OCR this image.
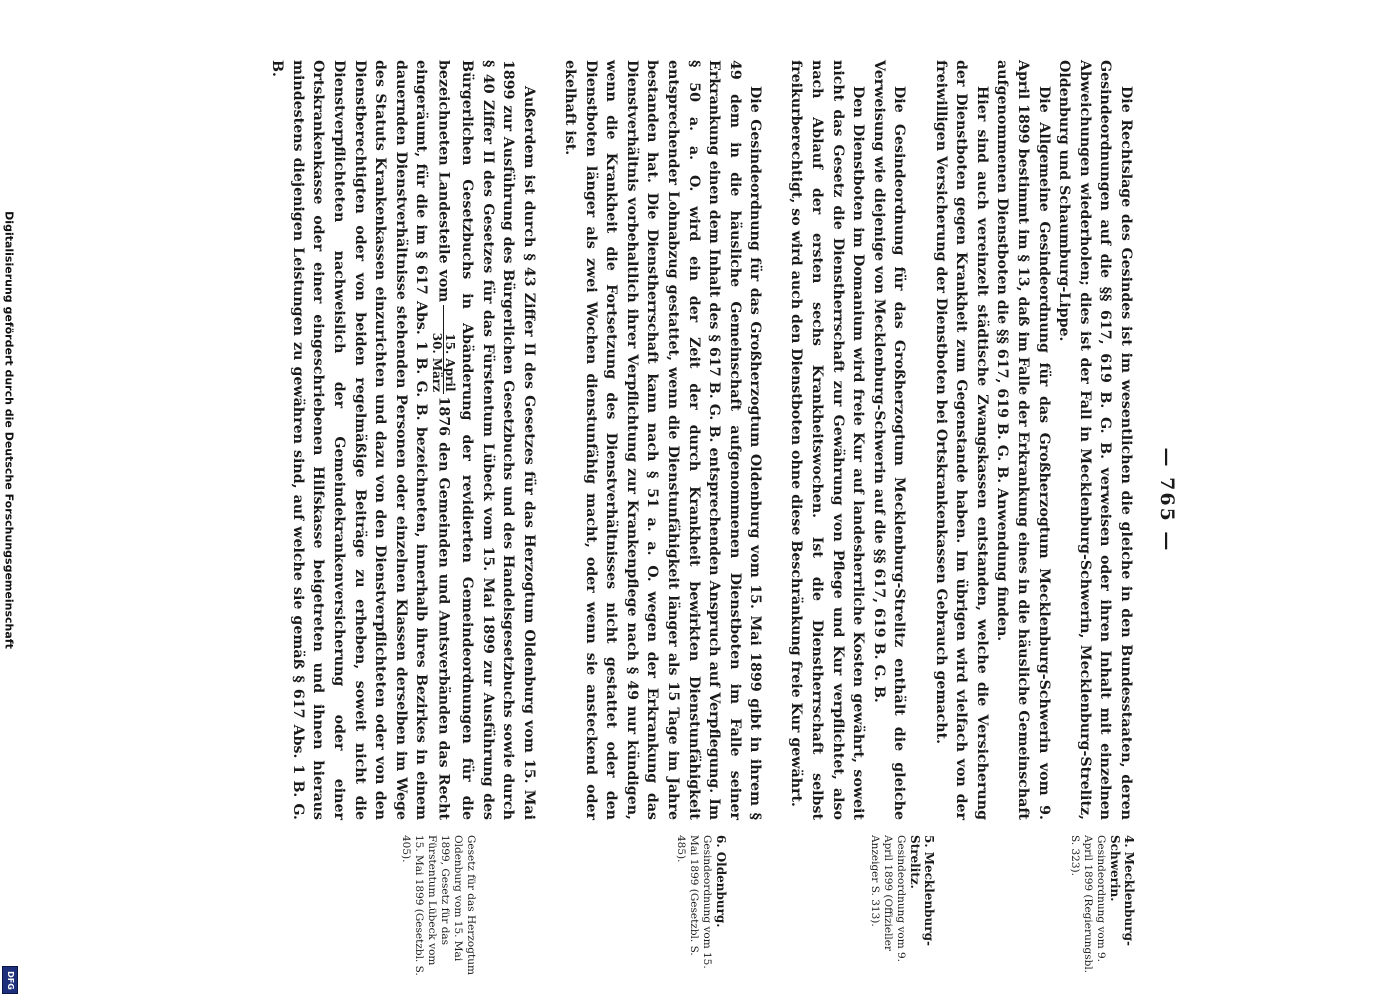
Digitalisierung gefördert durch die Deutsche Forschungsgemeinschaft
DFG
— 765 —

Die Rechtslage des Gesindes ist im wesentlichen die gleiche in den Bundesstaaten, deren Gesindeordnungen auf die §§ 617, 619 B. G. B. verweisen oder ihren Inhalt mit einzelnen Abweichungen wiederholen; dies ist der Fall in Mecklenburg-Schwerin, Mecklenburg-Strelitz, Oldenburg und Schaumburg-Lippe.

Die Allgemeine Gesindeordnung für das Großherzogtum Mecklenburg-Schwerin vom 9. April 1899 bestimmt im § 13, daß im Falle der Erkrankung eines in die häusliche Gemeinschaft aufgenommenen Dienstboten die §§ 617, 619 B. G. B. Anwendung finden.

Hier sind auch vereinzelt städtische Zwangskassen entstanden, welche die Versicherung der Dienstboten gegen Krankheit zum Gegenstande haben. Im übrigen wird vielfach von der freiwilligen Versicherung der Dienstboten bei Ortskrankenkassen Gebrauch gemacht.

Die Gesindeordnung für das Großherzogtum Mecklenburg-Strelitz enthält die gleiche Verweisung wie diejenige von Mecklenburg-Schwerin auf die §§ 617, 619 B. G. B.

Den Dienstboten im Domanium wird freie Kur auf landesherrliche Kosten gewährt, soweit nicht das Gesetz die Dienstherrschaft zur Gewährung von Pflege und Kur verpflichtet, also nach Ablauf der ersten sechs Krankheitswochen. Ist die Dienstherrschaft selbst freikurberechtigt, so wird auch den Dienstboten ohne diese Beschränkung freie Kur gewährt.

Die Gesindeordnung für das Großherzogtum Oldenburg vom 15. Mai 1899 gibt in ihrem § 49 dem in die häusliche Gemeinschaft aufgenommenen Dienstboten im Falle seiner Erkrankung einen dem Inhalt des § 617 B. G. B. entsprechenden Anspruch auf Verpflegung. Im § 50 a. a. O. wird ein der Zeit der durch Krankheit bewirkten Dienstunfähigkeit entsprechender Lohnabzug gestattet, wenn die Dienstunfähigkeit länger als 15 Tage im Jahre bestanden hat. Die Dienstherrschaft kann nach § 51 a. a. O. wegen der Erkrankung das Dienstverhältnis vorbehaltlich ihrer Verpflichtung zur Krankenpflege nach § 49 nur kündigen, wenn die Krankheit die Fortsetzung des Dienstverhältnisses nicht gestattet oder den Dienstboten länger als zwei Wochen dienstunfähig macht, oder wenn sie ansteckend oder ekelhaft ist.

Außerdem ist durch § 43 Ziffer II des Gesetzes für das Herzogtum Oldenburg vom 15. Mai 1899 zur Ausführung des Bürgerlichen Gesetzbuchs und des Handelsgesetzbuchs sowie durch § 40 Ziffer II des Gesetzes für das Fürstentum Lübeck vom 15. Mai 1899 zur Ausführung des Bürgerlichen Gesetzbuchs in Abänderung der revidierten Gemeindeordnungen für die bezeichneten Landesteile vom
15. April
30. März
1876 den Gemeinden und Amtsverbänden das Recht eingeräumt, für die im § 617 Abs. 1 B. G. B. bezeichneten, innerhalb ihres Bezirkes in einem dauernden Dienstverhältnisse stehenden Personen oder einzelnen Klassen derselben im Wege des Statuts Krankenkassen einzurichten und dazu von den Dienstverpflichteten oder von den Dienstberechtigten oder von beiden regelmäßige Beiträge zu erheben, soweit nicht die Dienstverpflichteten nachweislich der Gemeindekrankenversicherung oder einer Ortskrankenkasse oder einer eingeschriebenen Hilfskasse beigetreten und ihnen hieraus mindestens diejenigen Leistungen zu gewähren sind, auf welche sie gemäß § 617 Abs. 1 B. G. B.

4. Mecklenburg-Schwerin.
Gesindeordnung vom 9. April 1899 (Regierungsbl. S. 323).
5. Mecklenburg-Strelitz.
Gesindeordnung vom 9. April 1899 (Offizieller Anzeiger S. 313).
6. Oldenburg.
Gesindeordnung vom 15. Mai 1899 (Gesetzbl. S. 485).
Gesetz für das Herzogtum Oldenburg vom 15. Mai 1899, Gesetz für das Fürstentum Lübeck vom 15. Mai 1899 (Gesetzbl. S. 405).
